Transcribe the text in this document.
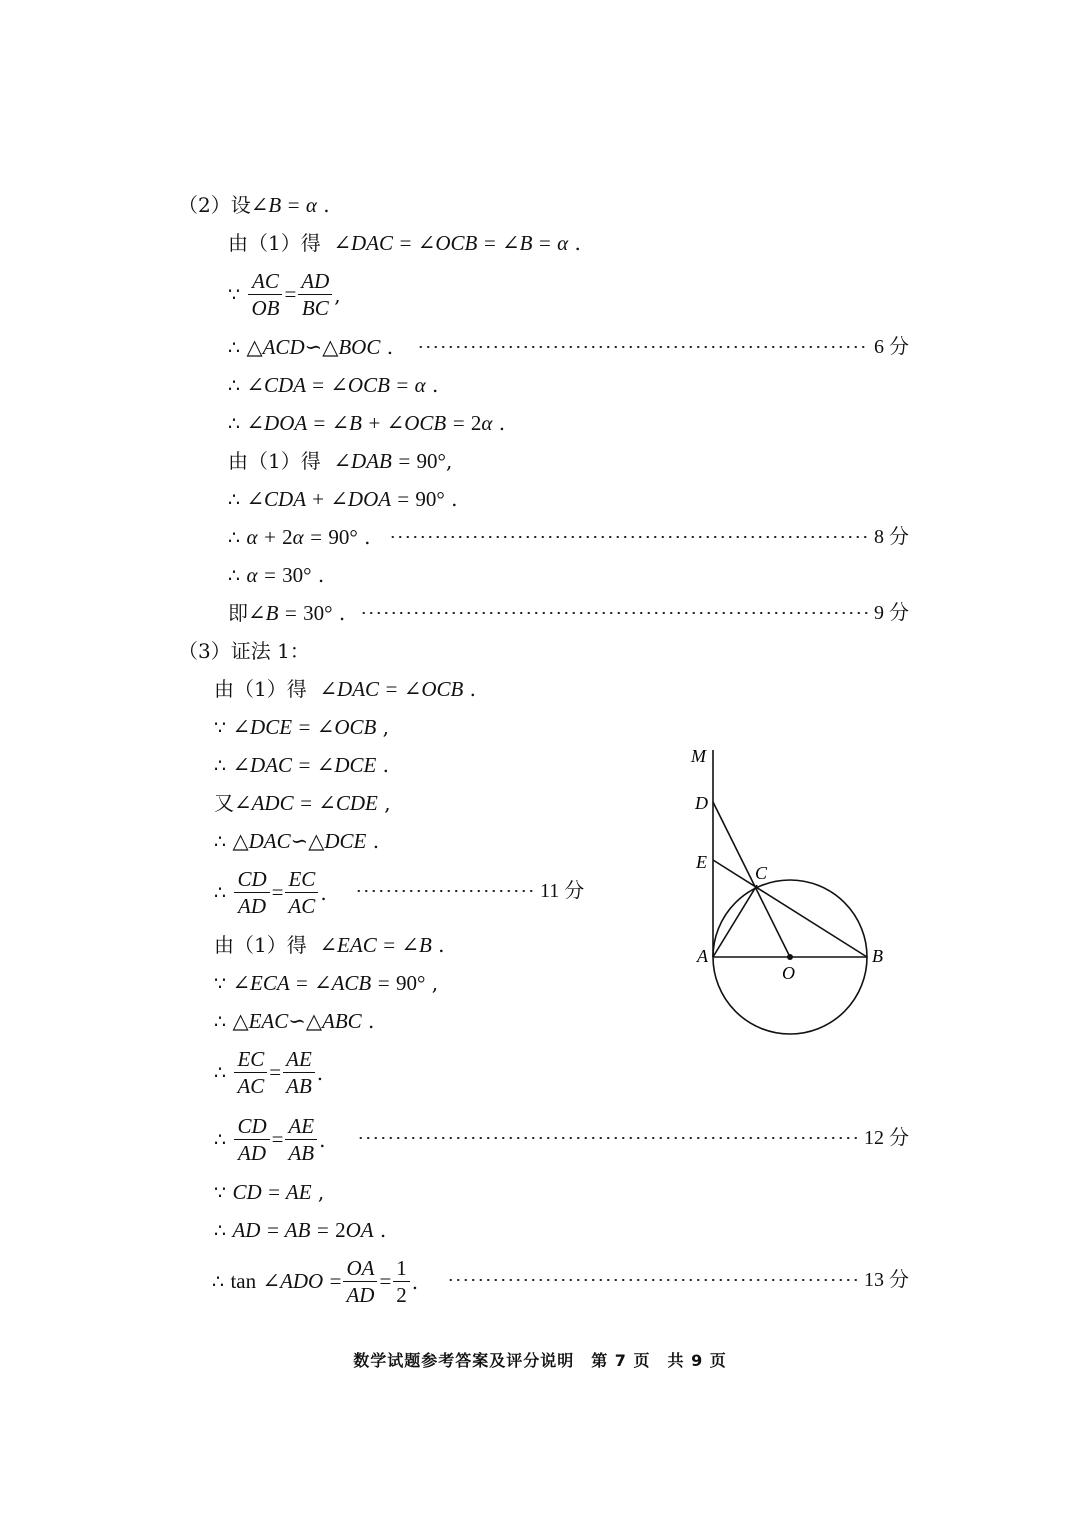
（2）设∠B = α .
由（1）得 ∠DAC = ∠OCB = ∠B = α .
∵
$\frac{AC}{OB} = \frac{AD}{BC}$ ,
∴ △ACD∽△BOC .	6 分
∴ ∠CDA = ∠OCB = α .
∴ ∠DOA = ∠B + ∠OCB = 2α .
由（1）得 ∠DAB = 90°,
∴ ∠CDA + ∠DOA = 90° .
∴ α + 2α = 90° .	8 分
∴ α = 30° .
即∠B = 30° .	9 分
（3）证法 1：
由（1）得 ∠DAC = ∠OCB .
∵ ∠DCE = ∠OCB ,
∴ ∠DAC = ∠DCE .
又∠ADC = ∠CDE ,
∴ △DAC∽△DCE .
∴
$\frac{CD}{AD} = \frac{EC}{AC}$ .	11 分
由（1）得 ∠EAC = ∠B .
∵ ∠ECA = ∠ACB = 90° ,
∴ △EAC∽△ABC .
∴
$\frac{EC}{AC} = \frac{AE}{AB}$ .
∴
$\frac{CD}{AD} = \frac{AE}{AB}$ .	12 分
∵ CD = AE ,
∴ AD = AB = 2OA .
∴
tan
∠ADO
= $\frac{OA}{AD} = \frac{1}{2}$ .	13 分
M
D
E
C
A
O
B
数学试题参考答案及评分说明　第 7 页　共 9 页
